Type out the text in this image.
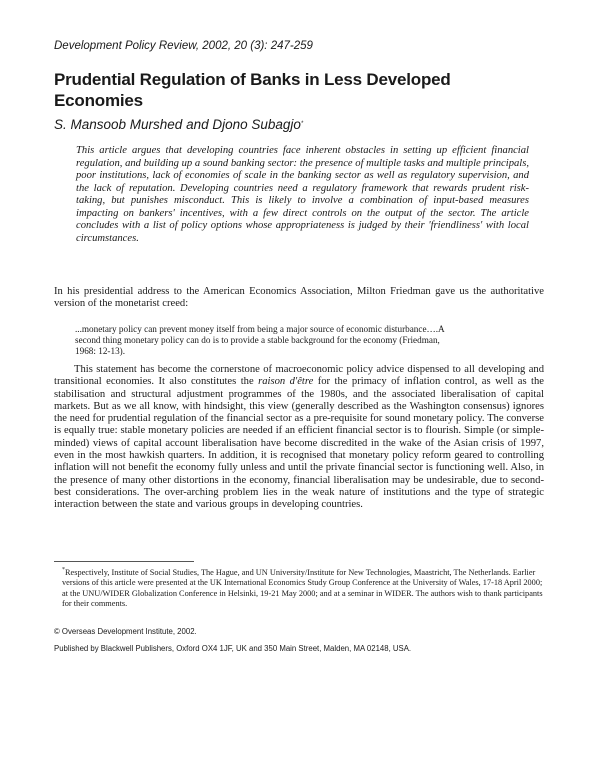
Development Policy Review, 2002, 20 (3): 247-259
Prudential Regulation of Banks in Less Developed Economies
S. Mansoob Murshed and Djono Subagjo*
This article argues that developing countries face inherent obstacles in setting up efficient financial regulation, and building up a sound banking sector: the presence of multiple tasks and multiple principals, poor institutions, lack of economies of scale in the banking sector as well as regulatory supervision, and the lack of reputation. Developing countries need a regulatory framework that rewards prudent risk-taking, but punishes misconduct. This is likely to involve a combination of input-based measures impacting on bankers' incentives, with a few direct controls on the output of the sector. The article concludes with a list of policy options whose appropriateness is judged by their 'friendliness' with local circumstances.
In his presidential address to the American Economics Association, Milton Friedman gave us the authoritative version of the monetarist creed:
...monetary policy can prevent money itself from being a major source of economic disturbance….A second thing monetary policy can do is to provide a stable background for the economy (Friedman, 1968: 12-13).
This statement has become the cornerstone of macroeconomic policy advice dispensed to all developing and transitional economies. It also constitutes the raison d'être for the primacy of inflation control, as well as the stabilisation and structural adjustment programmes of the 1980s, and the associated liberalisation of capital markets. But as we all know, with hindsight, this view (generally described as the Washington consensus) ignores the need for prudential regulation of the financial sector as a pre-requisite for sound monetary policy. The converse is equally true: stable monetary policies are needed if an efficient financial sector is to flourish. Simple (or simple-minded) views of capital account liberalisation have become discredited in the wake of the Asian crisis of 1997, even in the most hawkish quarters. In addition, it is recognised that monetary policy reform geared to controlling inflation will not benefit the economy fully unless and until the private financial sector is functioning well. Also, in the presence of many other distortions in the economy, financial liberalisation may be undesirable, due to second-best considerations. The over-arching problem lies in the weak nature of institutions and the type of strategic interaction between the state and various groups in developing countries.
*Respectively, Institute of Social Studies, The Hague, and UN University/Institute for New Technologies, Maastricht, The Netherlands. Earlier versions of this article were presented at the UK International Economics Study Group Conference at the University of Wales, 17-18 April 2000; at the UNU/WIDER Globalization Conference in Helsinki, 19-21 May 2000; and at a seminar in WIDER. The authors wish to thank participants for their comments.
© Overseas Development Institute, 2002.
Published by Blackwell Publishers, Oxford OX4 1JF, UK and 350 Main Street, Malden, MA 02148, USA.
